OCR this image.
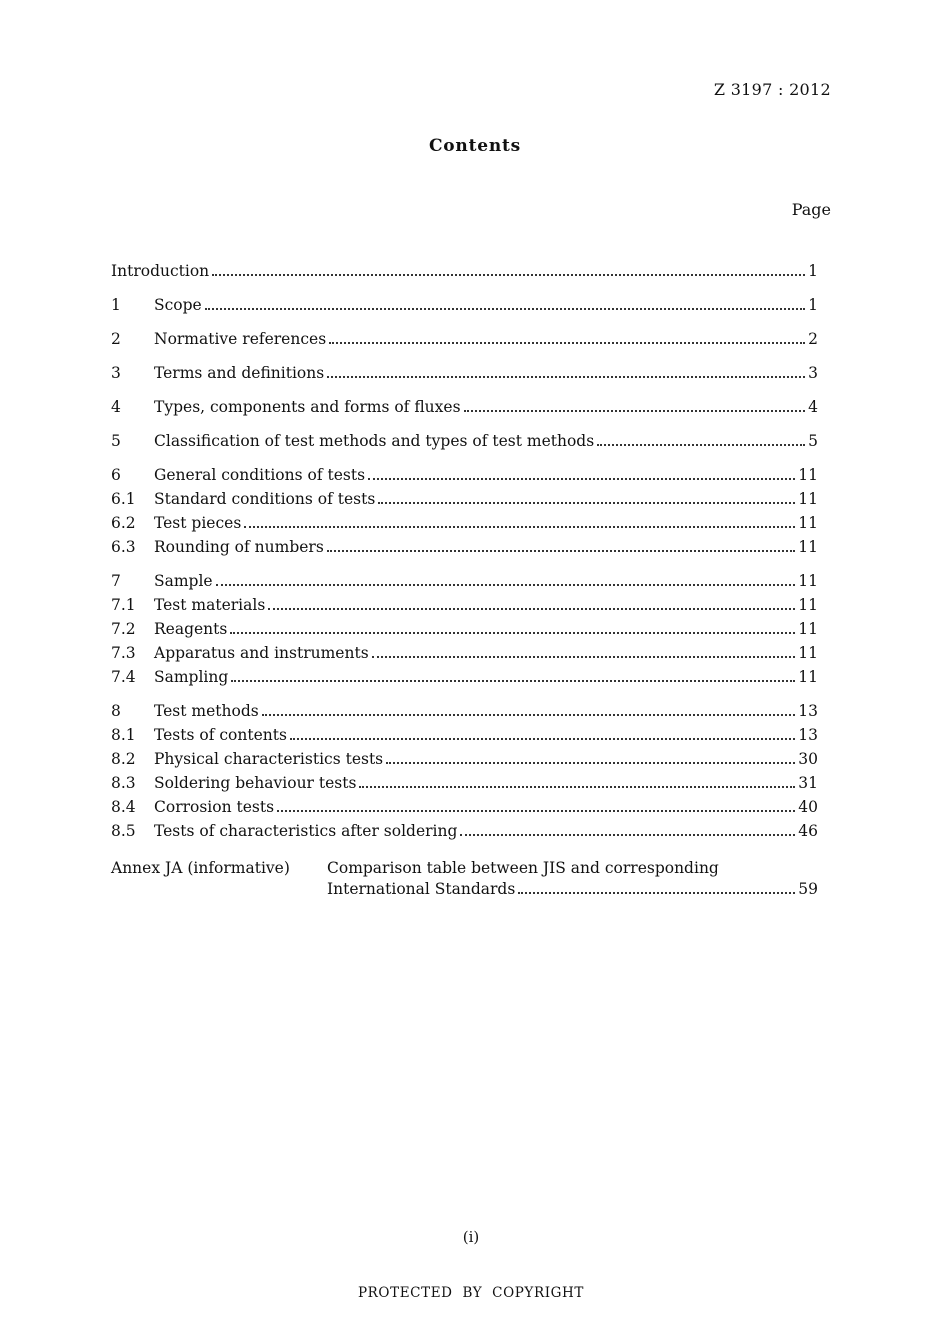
Z 3197 : 2012
Contents
Page
Introduction	1
1	Scope	1
2	Normative references	2
3	Terms and definitions	3
4	Types, components and forms of fluxes	4
5	Classification of test methods and types of test methods	5
6	General conditions of tests	11
6.1	Standard conditions of tests	11
6.2	Test pieces	11
6.3	Rounding of numbers	11
7	Sample	11
7.1	Test materials	11
7.2	Reagents	11
7.3	Apparatus and instruments	11
7.4	Sampling	11
8	Test methods	13
8.1	Tests of contents	13
8.2	Physical characteristics tests	30
8.3	Soldering behaviour tests	31
8.4	Corrosion tests	40
8.5	Tests of characteristics after soldering	46
Annex JA (informative)	Comparison table between JIS and corresponding
International Standards	59
(i)
PROTECTED BY COPYRIGHT
